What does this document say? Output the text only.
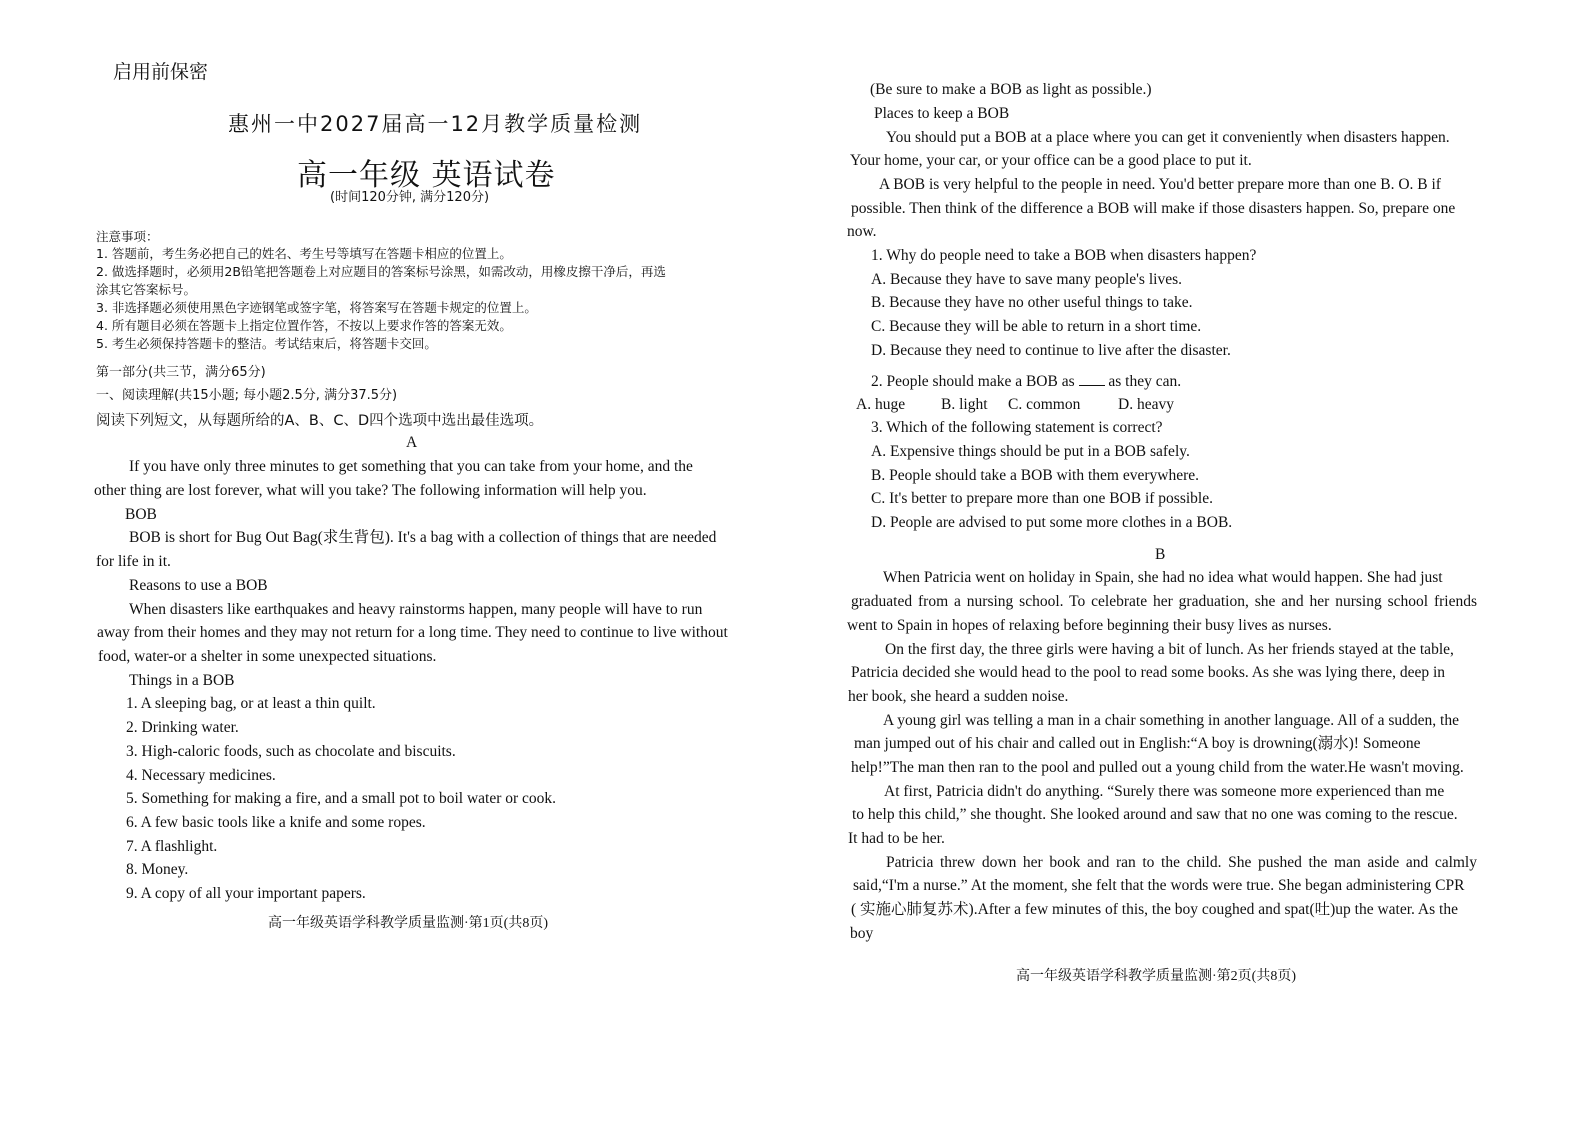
启用前保密
惠州一中2027届高一12月教学质量检测
高一年级 英语试卷
(时间120分钟, 满分120分)
注意事项：
1. 答题前，考生务必把自己的姓名、考生号等填写在答题卡相应的位置上。
2. 做选择题时，必须用2B铅笔把答题卷上对应题目的答案标号涂黑，如需改动，用橡皮擦干净后，再选
涂其它答案标号。
3. 非选择题必须使用黑色字迹钢笔或签字笔，将答案写在答题卡规定的位置上。
4. 所有题目必须在答题卡上指定位置作答，不按以上要求作答的答案无效。
5. 考生必须保持答题卡的整洁。考试结束后，将答题卡交回。
第一部分(共三节，满分65分)
一、阅读理解(共15小题; 每小题2.5分, 满分37.5分)
阅读下列短文，从每题所给的A、B、C、D四个选项中选出最佳选项。
A
If you have only three minutes to get something that you can take from your home, and the
other thing are lost forever, what will you take? The following information will help you.
BOB
BOB is short for Bug Out Bag(求生背包). It's a bag with a collection of things that are needed
for life in it.
Reasons to use a BOB
When disasters like earthquakes and heavy rainstorms happen, many people will have to run
away from their homes and they may not return for a long time. They need to continue to live without
food, water-or a shelter in some unexpected situations.
Things in a BOB
1. A sleeping bag, or at least a thin quilt.
2. Drinking water.
3. High-caloric foods, such as chocolate and biscuits.
4. Necessary medicines.
5. Something for making a fire, and a small pot to boil water or cook.
6. A few basic tools like a knife and some ropes.
7. A flashlight.
8. Money.
9. A copy of all your important papers.
高一年级英语学科教学质量监测·第1页(共8页)
(Be sure to make a BOB as light as possible.)
Places to keep a BOB
You should put a BOB at a place where you can get it conveniently when disasters happen.
Your home, your car, or your office can be a good place to put it.
A BOB is very helpful to the people in need. You'd better prepare more than one B. O. B if
possible. Then think of the difference a BOB will make if those disasters happen. So, prepare one
now.
1. Why do people need to take a BOB when disasters happen?
A. Because they have to save many people's lives.
B. Because they have no other useful things to take.
C. Because they will be able to return in a short time.
D. Because they need to continue to live after the disaster.
2. People should make a BOB as as they can.
A. huge B. light C. common D. heavy
3. Which of the following statement is correct?
A. Expensive things should be put in a BOB safely.
B. People should take a BOB with them everywhere.
C. It's better to prepare more than one BOB if possible.
D. People are advised to put some more clothes in a BOB.
B
When Patricia went on holiday in Spain, she had no idea what would happen. She had just
graduated from a nursing school. To celebrate her graduation, she and her nursing school friends
went to Spain in hopes of relaxing before beginning their busy lives as nurses.
On the first day, the three girls were having a bit of lunch. As her friends stayed at the table,
Patricia decided she would head to the pool to read some books. As she was lying there, deep in
her book, she heard a sudden noise.
A young girl was telling a man in a chair something in another language. All of a sudden, the
man jumped out of his chair and called out in English:“A boy is drowning(溺水)! Someone
help!”The man then ran to the pool and pulled out a young child from the water.He wasn't moving.
At first, Patricia didn't do anything. “Surely there was someone more experienced than me
to help this child,” she thought. She looked around and saw that no one was coming to the rescue.
It had to be her.
Patricia threw down her book and ran to the child. She pushed the man aside and calmly
said,“I'm a nurse.” At the moment, she felt that the words were true. She began administering CPR
( 实施心肺复苏术).After a few minutes of this, the boy coughed and spat(吐)up the water. As the
boy
高一年级英语学科教学质量监测·第2页(共8页)
